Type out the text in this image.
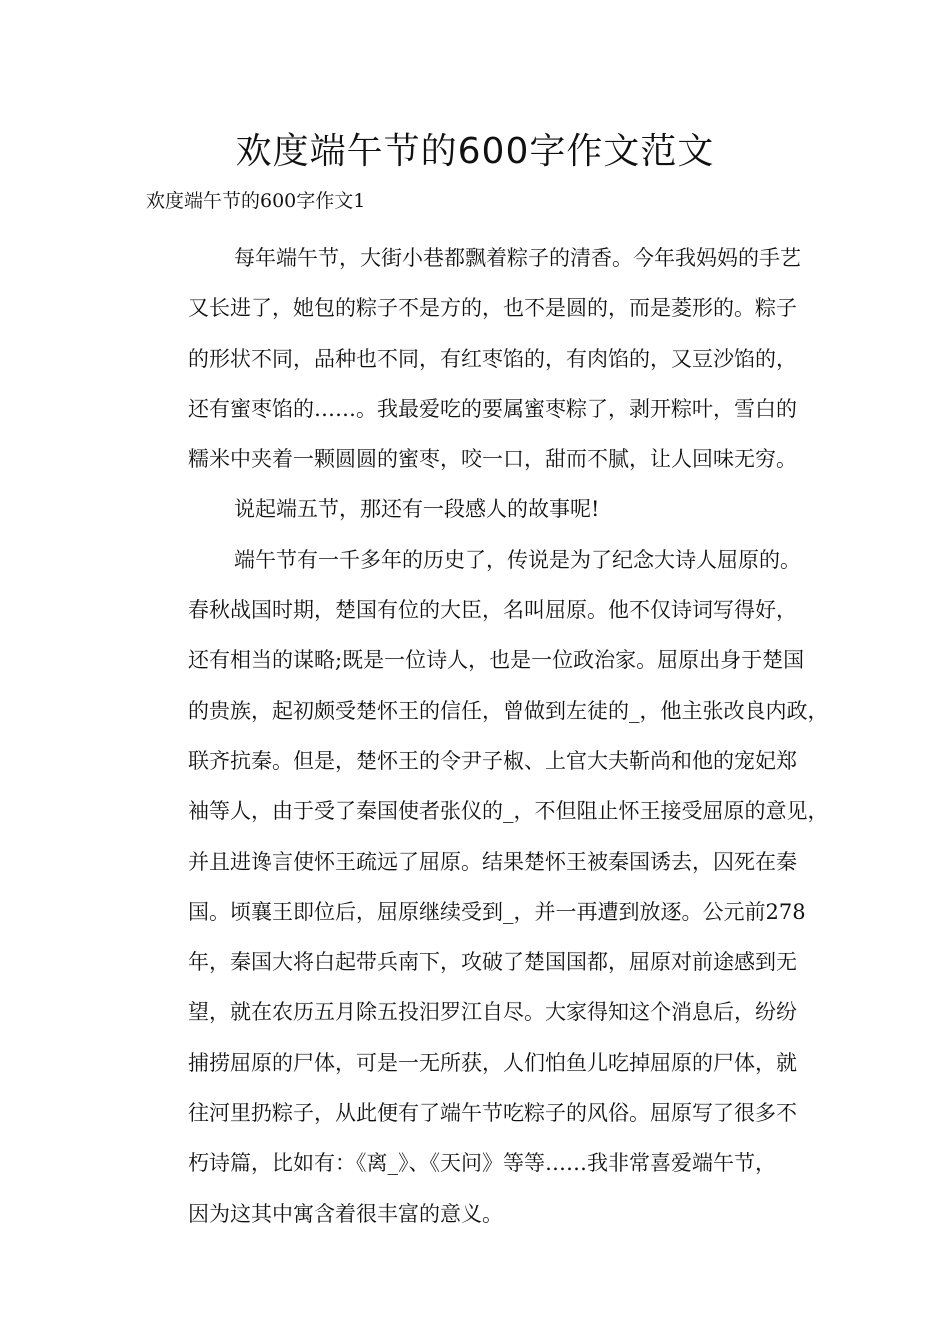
欢度端午节的600字作文范文
欢度端午节的600字作文1

每年端午节，大街小巷都飘着粽子的清香。今年我妈妈的手艺
又长进了，她包的粽子不是方的，也不是圆的，而是菱形的。粽子
的形状不同，品种也不同，有红枣馅的，有肉馅的，又豆沙馅的，
还有蜜枣馅的……。我最爱吃的要属蜜枣粽了，剥开粽叶，雪白的
糯米中夹着一颗圆圆的蜜枣，咬一口，甜而不腻，让人回味无穷。

说起端五节，那还有一段感人的故事呢!

端午节有一千多年的历史了，传说是为了纪念大诗人屈原的。
春秋战国时期，楚国有位的大臣，名叫屈原。他不仅诗词写得好，
还有相当的谋略;既是一位诗人，也是一位政治家。屈原出身于楚国
的贵族，起初颇受楚怀王的信任，曾做到左徒的_，他主张改良内政，
联齐抗秦。但是，楚怀王的令尹子椒、上官大夫靳尚和他的宠妃郑
袖等人，由于受了秦国使者张仪的_，不但阻止怀王接受屈原的意见，
并且进谗言使怀王疏远了屈原。结果楚怀王被秦国诱去，囚死在秦
国。顷襄王即位后，屈原继续受到_，并一再遭到放逐。公元前278
年，秦国大将白起带兵南下，攻破了楚国国都，屈原对前途感到无
望，就在农历五月除五投汨罗江自尽。大家得知这个消息后，纷纷
捕捞屈原的尸体，可是一无所获，人们怕鱼儿吃掉屈原的尸体，就
往河里扔粽子，从此便有了端午节吃粽子的风俗。屈原写了很多不
朽诗篇，比如有：《离_》、《天问》等等……我非常喜爱端午节，
因为这其中寓含着很丰富的意义。
